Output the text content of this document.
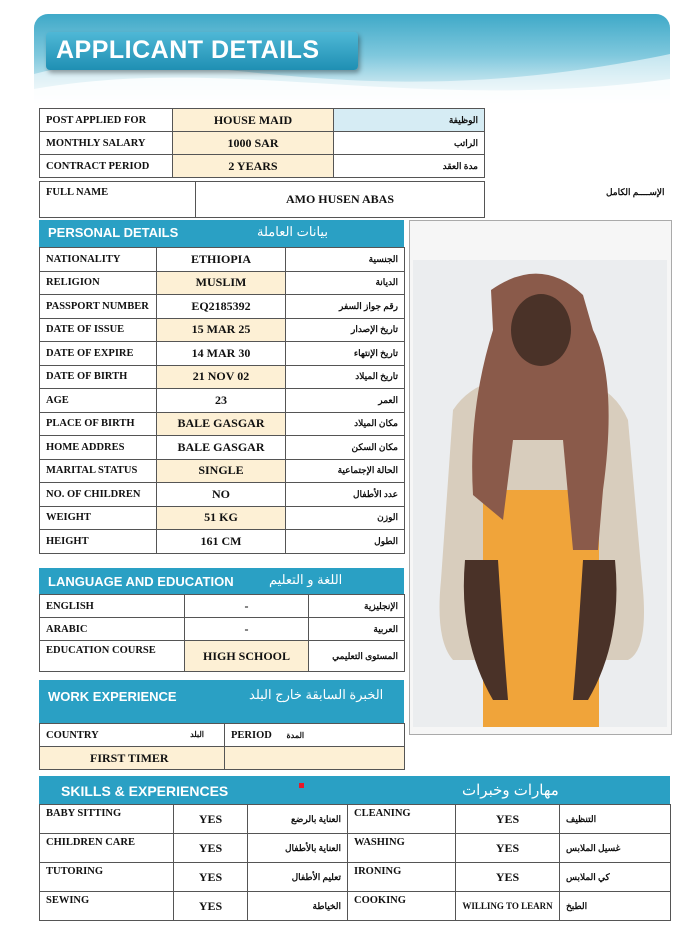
APPLICANT DETAILS
POST APPLIED FOR	HOUSE MAID	الوظيفة
MONTHLY SALARY	1000 SAR	الراتب
CONTRACT PERIOD	2 YEARS	مدة العقد
FULL NAME	AMO HUSEN ABAS	الإســــم الكامل
PERSONAL DETAILS	بيانات العاملة
NATIONALITY	ETHIOPIA	الجنسية
RELIGION	MUSLIM	الديانة
PASSPORT NUMBER	EQ2185392	رقم جواز السفر
DATE OF ISSUE	15 MAR 25	تاريخ الإصدار
DATE OF EXPIRE	14 MAR 30	تاريخ الإنتهاء
DATE OF BIRTH	21 NOV 02	تاريخ الميلاد
AGE	23	العمر
PLACE OF BIRTH	BALE GASGAR	مكان الميلاد
HOME ADDRES	BALE GASGAR	مكان السكن
MARITAL STATUS	SINGLE	الحالة الإجتماعية
NO. OF CHILDREN	NO	عدد الأطفال
WEIGHT	51 KG	الوزن
HEIGHT	161 CM	الطول
LANGUAGE AND EDUCATION	اللغة و التعليم
ENGLISH	-	الإنجليزية
ARABIC	-	العربية
EDUCATION COURSE	HIGH SCHOOL	المستوى التعليمي
WORK EXPERIENCE	الخبرة السابقة خارج البلد
COUNTRY البلد	PERIOD المدة
FIRST TIMER	
SKILLS & EXPERIENCES	مهارات وخبرات
BABY SITTING	YES	العناية بالرضع	CLEANING	YES	التنظيف
CHILDREN CARE	YES	العناية بالأطفال	WASHING	YES	غسيل الملابس
TUTORING	YES	تعليم الأطفال	IRONING	YES	كي الملابس
SEWING	YES	الخياطة	COOKING	WILLING TO LEARN	الطبخ
